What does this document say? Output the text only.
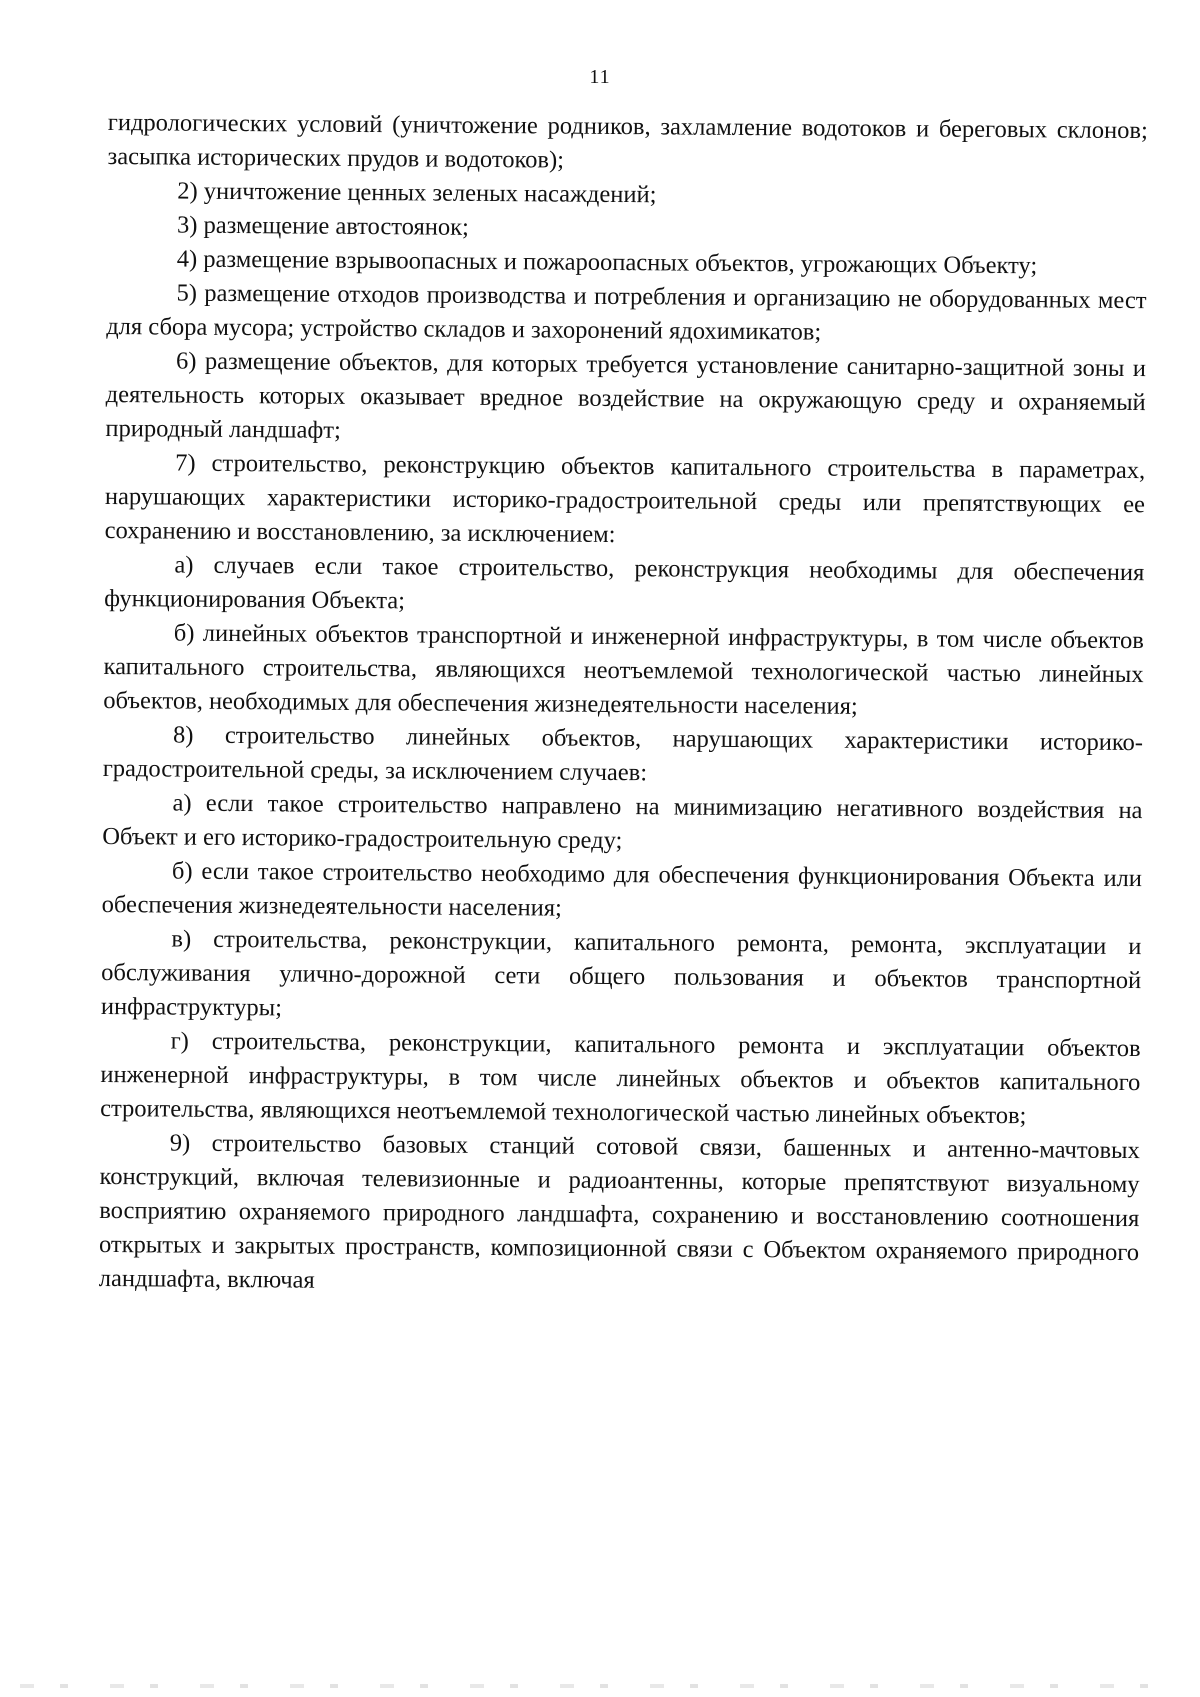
11

гидрологических условий (уничтожение родников, захламление водотоков и береговых склонов; засыпка исторических прудов и водотоков);

2) уничтожение ценных зеленых насаждений;

3) размещение автостоянок;

4) размещение взрывоопасных и пожароопасных объектов, угрожающих Объекту;

5) размещение отходов производства и потребления и организацию не оборудованных мест для сбора мусора; устройство складов и захоронений ядохимикатов;

6) размещение объектов, для которых требуется установление санитарно-защитной зоны и деятельность которых оказывает вредное воздействие на окружающую среду и охраняемый природный ландшафт;

7) строительство, реконструкцию объектов капитального строительства в параметрах, нарушающих характеристики историко-градостроительной среды или препятствующих ее сохранению и восстановлению, за исключением:

а) случаев если такое строительство, реконструкция необходимы для обеспечения функционирования Объекта;

б) линейных объектов транспортной и инженерной инфраструктуры, в том числе объектов капитального строительства, являющихся неотъемлемой технологической частью линейных объектов, необходимых для обеспечения жизнедеятельности населения;

8) строительство линейных объектов, нарушающих характеристики историко-градостроительной среды, за исключением случаев:

а) если такое строительство направлено на минимизацию негативного воздействия на Объект и его историко-градостроительную среду;

б) если такое строительство необходимо для обеспечения функционирования Объекта или обеспечения жизнедеятельности населения;

в) строительства, реконструкции, капитального ремонта, ремонта, эксплуатации и обслуживания улично-дорожной сети общего пользования и объектов транспортной инфраструктуры;

г) строительства, реконструкции, капитального ремонта и эксплуатации объектов инженерной инфраструктуры, в том числе линейных объектов и объектов капитального строительства, являющихся неотъемлемой технологической частью линейных объектов;

9) строительство базовых станций сотовой связи, башенных и антенно-мачтовых конструкций, включая телевизионные и радиоантенны, которые препятствуют визуальному восприятию охраняемого природного ландшафта, сохранению и восстановлению соотношения открытых и закрытых пространств, композиционной связи с Объектом охраняемого природного ландшафта, включая
